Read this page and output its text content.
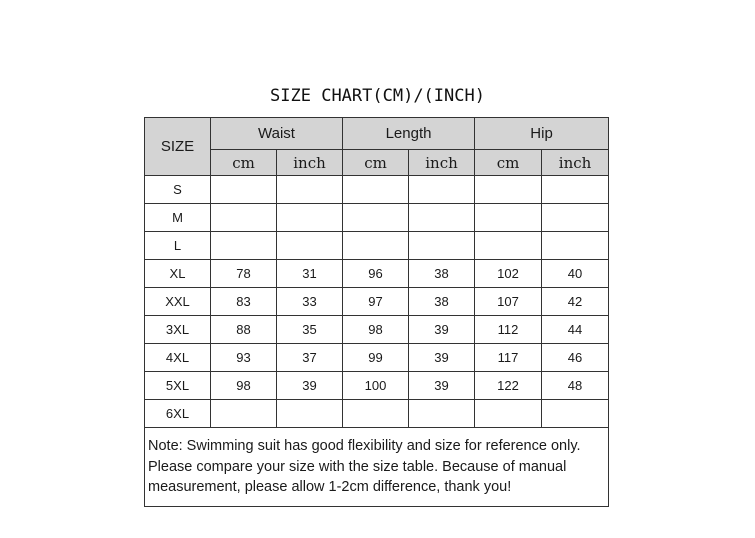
SIZE CHART(CM)/(INCH)
SIZE	Waist		Length		Hip	
	cm	inch	cm	inch	cm	inch
S						
M						
L						
XL	78	31	96	38	102	40
XXL	83	33	97	38	107	42
3XL	88	35	98	39	112	44
4XL	93	37	99	39	117	46
5XL	98	39	100	39	122	48
6XL						
Note: Swimming suit has good flexibility and size for reference only. Please compare your size with the size table. Because of manual measurement, please allow 1-2cm difference, thank you!						
